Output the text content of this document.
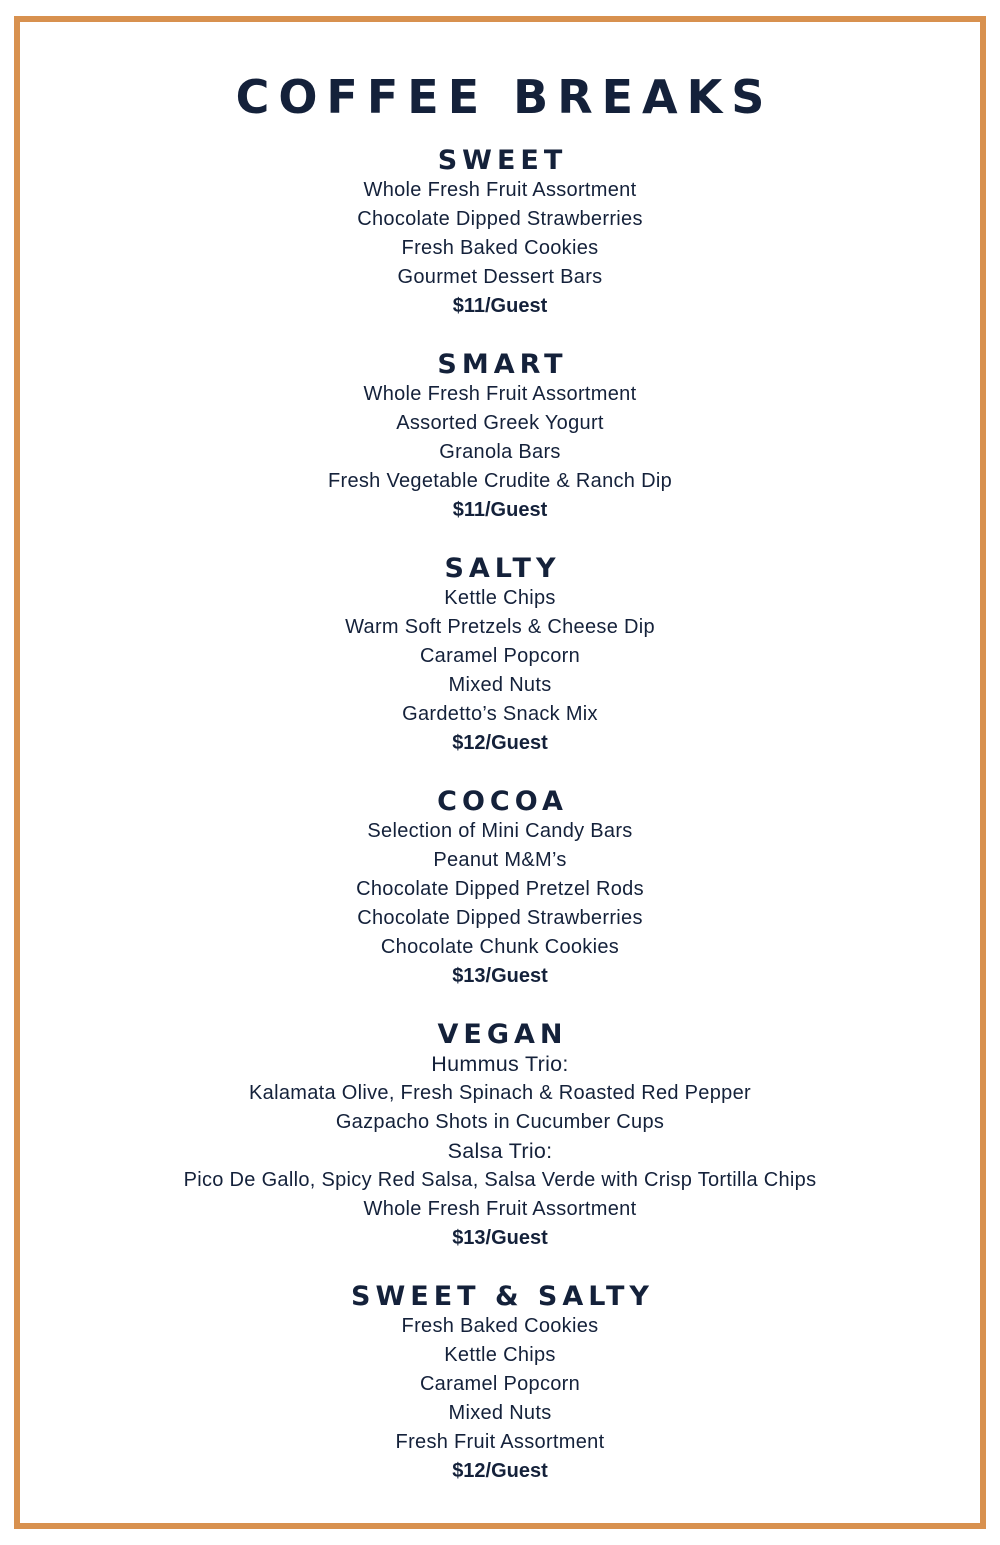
COFFEE BREAKS
SWEET
Whole Fresh Fruit Assortment
Chocolate Dipped Strawberries
Fresh Baked Cookies
Gourmet Dessert Bars
$11/Guest
SMART
Whole Fresh Fruit Assortment
Assorted Greek Yogurt
Granola Bars
Fresh Vegetable Crudite & Ranch Dip
$11/Guest
SALTY
Kettle Chips
Warm Soft Pretzels & Cheese Dip
Caramel Popcorn
Mixed Nuts
Gardetto’s Snack Mix
$12/Guest
COCOA
Selection of Mini Candy Bars
Peanut M&M’s
Chocolate Dipped Pretzel Rods
Chocolate Dipped Strawberries
Chocolate Chunk Cookies
$13/Guest
VEGAN
Hummus Trio:
Kalamata Olive, Fresh Spinach & Roasted Red Pepper
Gazpacho Shots in Cucumber Cups
Salsa Trio:
Pico De Gallo, Spicy Red Salsa, Salsa Verde with Crisp Tortilla Chips
Whole Fresh Fruit Assortment
$13/Guest
SWEET & SALTY
Fresh Baked Cookies
Kettle Chips
Caramel Popcorn
Mixed Nuts
Fresh Fruit Assortment
$12/Guest
